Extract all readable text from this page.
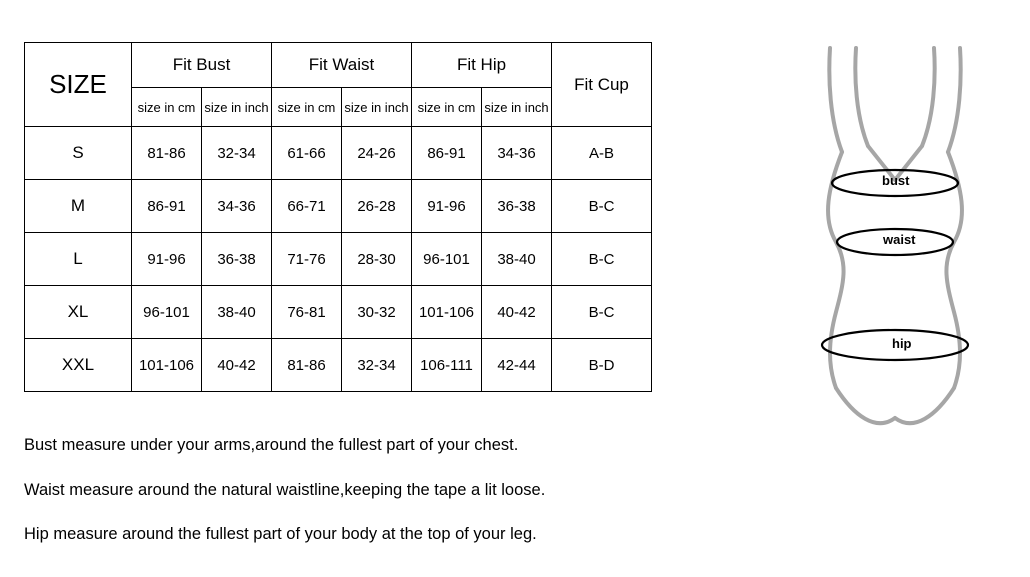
SIZE	Fit Bust		Fit Waist		Fit Hip		Fit Cup
	size in cm	size in inch	size in cm	size in inch	size in cm	size in inch	
S	81-86	32-34	61-66	24-26	86-91	34-36	A-B
M	86-91	34-36	66-71	26-28	91-96	36-38	B-C
L	91-96	36-38	71-76	28-30	96-101	38-40	B-C
XL	96-101	38-40	76-81	30-32	101-106	40-42	B-C
XXL	101-106	40-42	81-86	32-34	106-111	42-44	B-D
Bust measure under your arms,around the fullest part of your chest.
Waist measure around the natural waistline,keeping the tape a lit loose.
Hip measure around the fullest part of your body at the top of your leg.
bust
waist
hip
